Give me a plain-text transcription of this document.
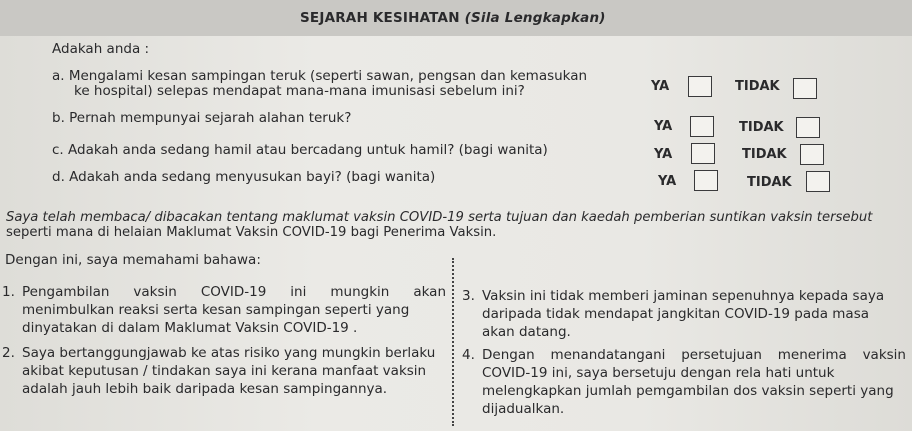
SEJARAH KESIHATAN (Sila Lengkapkan)
Adakah anda :
a. Mengalami kesan sampingan teruk (seperti sawan, pengsan dan kemasukan
ke hospital) selepas mendapat mana-mana imunisasi sebelum ini?	YA	TIDAK
b. Pernah mempunyai sejarah alahan teruk?
YA	TIDAK
c. Adakah anda sedang hamil atau bercadang untuk hamil? (bagi wanita)	YA	TIDAK
d. Adakah anda sedang menyusukan bayi? (bagi wanita)	YA	TIDAK
Saya telah membaca/ dibacakan tentang maklumat vaksin COVID-19 serta tujuan dan kaedah pemberian suntikan vaksin tersebut
seperti mana di helaian Maklumat Vaksin COVID-19 bagi Penerima Vaksin.
Dengan ini, saya memahami bahawa:
1. Pengambilan vaksin COVID-19 ini mungkin akan
menimbulkan reaksi serta kesan sampingan seperti yang
dinyatakan di dalam Maklumat Vaksin COVID-19 .
2. Saya bertanggungjawab ke atas risiko yang mungkin berlaku
akibat keputusan / tindakan saya ini kerana manfaat vaksin
adalah jauh lebih baik daripada kesan sampingannya.
3. Vaksin ini tidak memberi jaminan sepenuhnya kepada saya
daripada tidak mendapat jangkitan COVID-19 pada masa
akan datang.
4. Dengan menandatangani persetujuan menerima vaksin
COVID-19 ini, saya bersetuju dengan rela hati untuk
melengkapkan jumlah pemgambilan dos vaksin seperti yang
dijadualkan.
